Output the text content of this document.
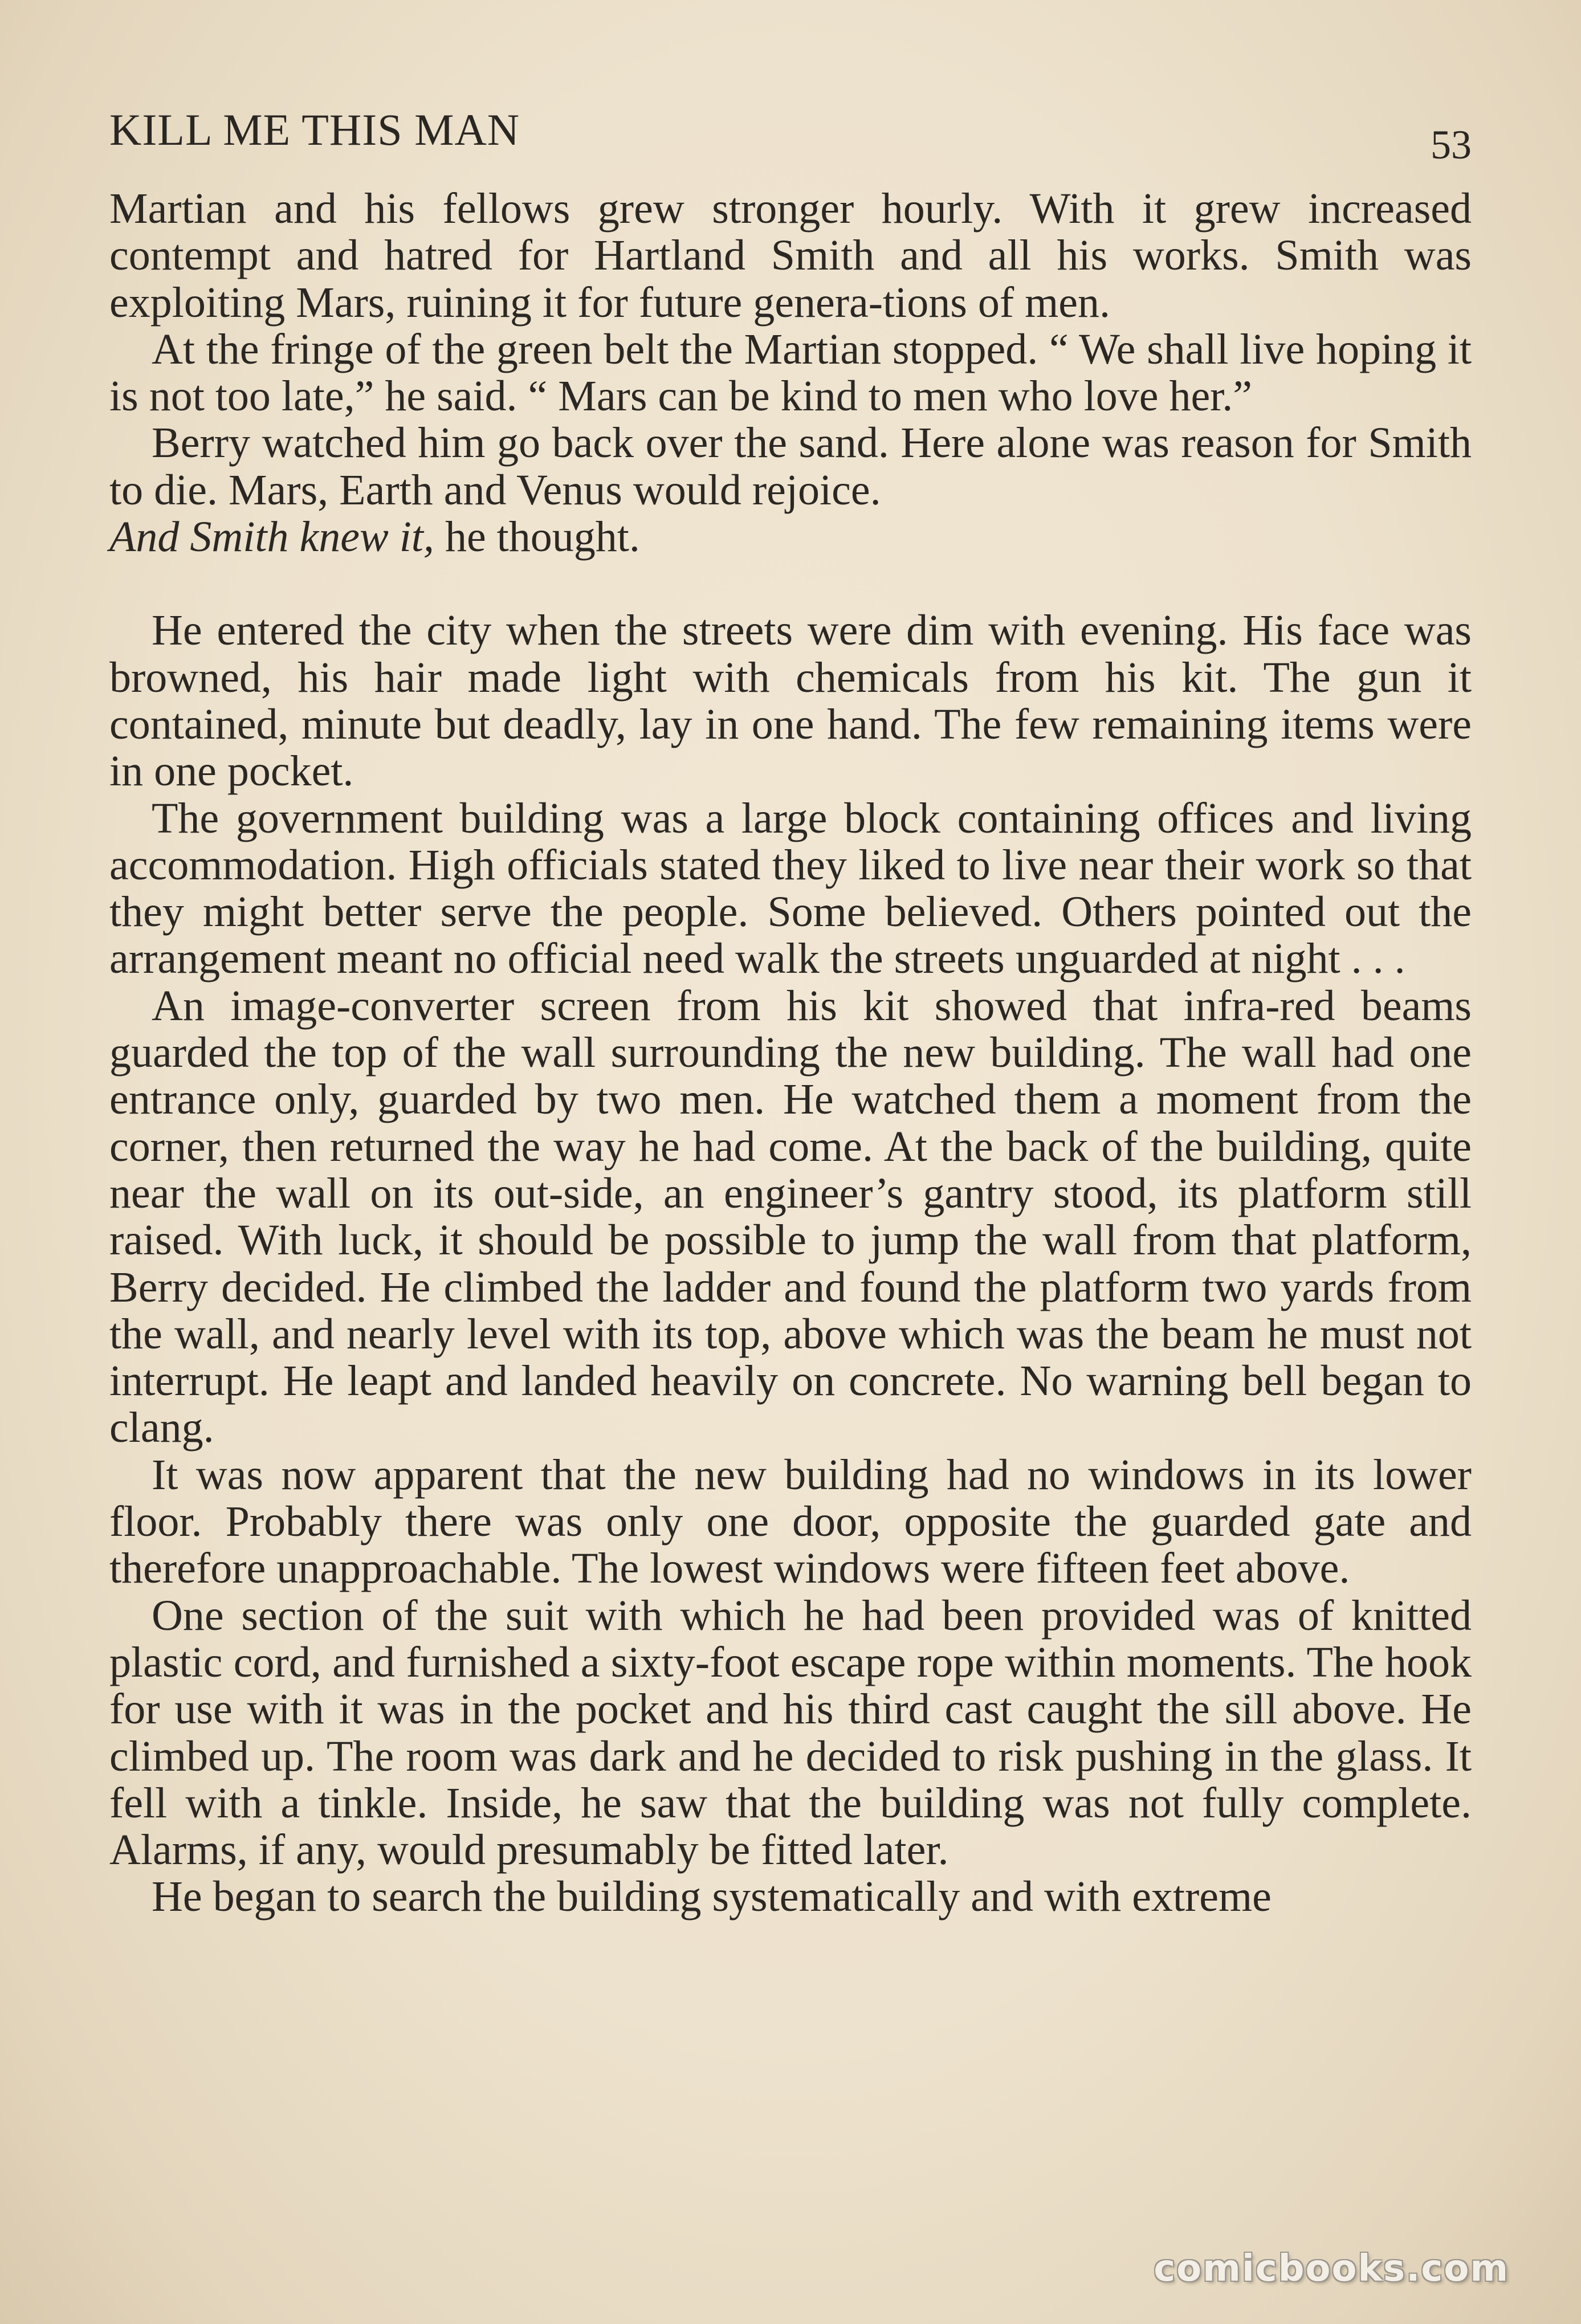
KILL ME THIS MAN	53

Martian and his fellows grew stronger hourly. With it grew increased contempt and hatred for Hartland Smith and all his works. Smith was exploiting Mars, ruining it for future genera-tions of men.

At the fringe of the green belt the Martian stopped. “ We shall live hoping it is not too late,” he said. “ Mars can be kind to men who love her.”

Berry watched him go back over the sand. Here alone was reason for Smith to die. Mars, Earth and Venus would rejoice.

And Smith knew it, he thought.

He entered the city when the streets were dim with evening. His face was browned, his hair made light with chemicals from his kit. The gun it contained, minute but deadly, lay in one hand. The few remaining items were in one pocket.

The government building was a large block containing offices and living accommodation. High officials stated they liked to live near their work so that they might better serve the people. Some believed. Others pointed out the arrangement meant no official need walk the streets unguarded at night . . .

An image-converter screen from his kit showed that infra-red beams guarded the top of the wall surrounding the new building. The wall had one entrance only, guarded by two men. He watched them a moment from the corner, then returned the way he had come. At the back of the building, quite near the wall on its out-side, an engineer’s gantry stood, its platform still raised. With luck, it should be possible to jump the wall from that platform, Berry decided. He climbed the ladder and found the platform two yards from the wall, and nearly level with its top, above which was the beam he must not interrupt. He leapt and landed heavily on concrete. No warning bell began to clang.

It was now apparent that the new building had no windows in its lower floor. Probably there was only one door, opposite the guarded gate and therefore unapproachable. The lowest windows were fifteen feet above.

One section of the suit with which he had been provided was of knitted plastic cord, and furnished a sixty-foot escape rope within moments. The hook for use with it was in the pocket and his third cast caught the sill above. He climbed up. The room was dark and he decided to risk pushing in the glass. It fell with a tinkle. Inside, he saw that the building was not fully complete. Alarms, if any, would presumably be fitted later.

He began to search the building systematically and with extreme

comicbooks.com
